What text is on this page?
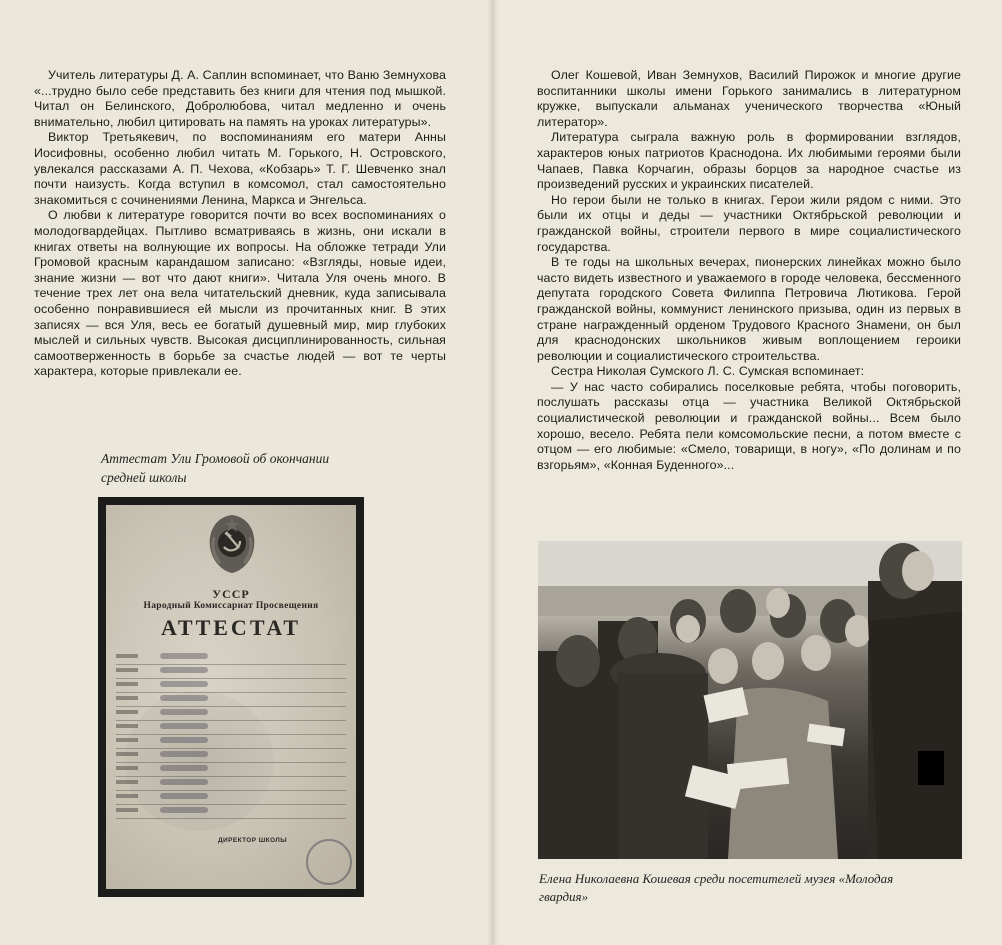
Учитель литературы Д. А. Саплин вспоминает, что Ваню Земнухова «...трудно было себе представить без книги для чтения под мышкой. Читал он Белинского, Добролюбова, читал медленно и очень внимательно, любил цитировать на память на уроках литературы».

Виктор Третьякевич, по воспоминаниям его матери Анны Иосифовны, особенно любил читать М. Горького, Н. Островского, увлекался рассказами А. П. Чехова, «Кобзарь» Т. Г. Шевченко знал почти наизусть. Когда вступил в комсомол, стал самостоятельно знакомиться с сочинениями Ленина, Маркса и Энгельса.

О любви к литературе говорится почти во всех воспоминаниях о молодогвардейцах. Пытливо всматриваясь в жизнь, они искали в книгах ответы на волнующие их вопросы. На обложке тетради Ули Громовой красным карандашом записано: «Взгляды, новые идеи, знание жизни — вот что дают книги». Читала Уля очень много. В течение трех лет она вела читательский дневник, куда записывала особенно понравившиеся ей мысли из прочитанных книг. В этих записях — вся Уля, весь ее богатый душевный мир, мир глубоких мыслей и сильных чувств. Высокая дисциплинированность, сильная самоотверженность в борьбе за счастье людей — вот те черты характера, которые привлекали ее.

Аттестат Ули Громовой об окончании средней школы
УССР
Народный Комиссариат Просвещения
АТТЕСТАТ
ДИРЕКТОР ШКОЛЫ

Олег Кошевой, Иван Земнухов, Василий Пирожок и многие другие воспитанники школы имени Горького занимались в литературном кружке, выпускали альманах ученического творчества «Юный литератор».

Литература сыграла важную роль в формировании взглядов, характеров юных патриотов Краснодона. Их любимыми героями были Чапаев, Павка Корчагин, образы борцов за народное счастье из произведений русских и украинских писателей.

Но герои были не только в книгах. Герои жили рядом с ними. Это были их отцы и деды — участники Октябрьской революции и гражданской войны, строители первого в мире социалистического государства.

В те годы на школьных вечерах, пионерских линейках можно было часто видеть известного и уважаемого в городе человека, бессменного депутата городского Совета Филиппа Петровича Лютикова. Герой гражданской войны, коммунист ленинского призыва, один из первых в стране награжденный орденом Трудового Красного Знамени, он был для краснодонских школьников живым воплощением героики революции и социалистического строительства.

Сестра Николая Сумского Л. С. Сумская вспоминает:

— У нас часто собирались поселковые ребята, чтобы поговорить, послушать рассказы отца — участника Великой Октябрьской социалистической революции и гражданской войны... Всем было хорошо, весело. Ребята пели комсомольские песни, а потом вместе с отцом — его любимые: «Смело, товарищи, в ногу», «По долинам и по взгорьям», «Конная Буденного»...

Елена Николаевна Кошевая среди посетителей музея «Молодая гвардия»
